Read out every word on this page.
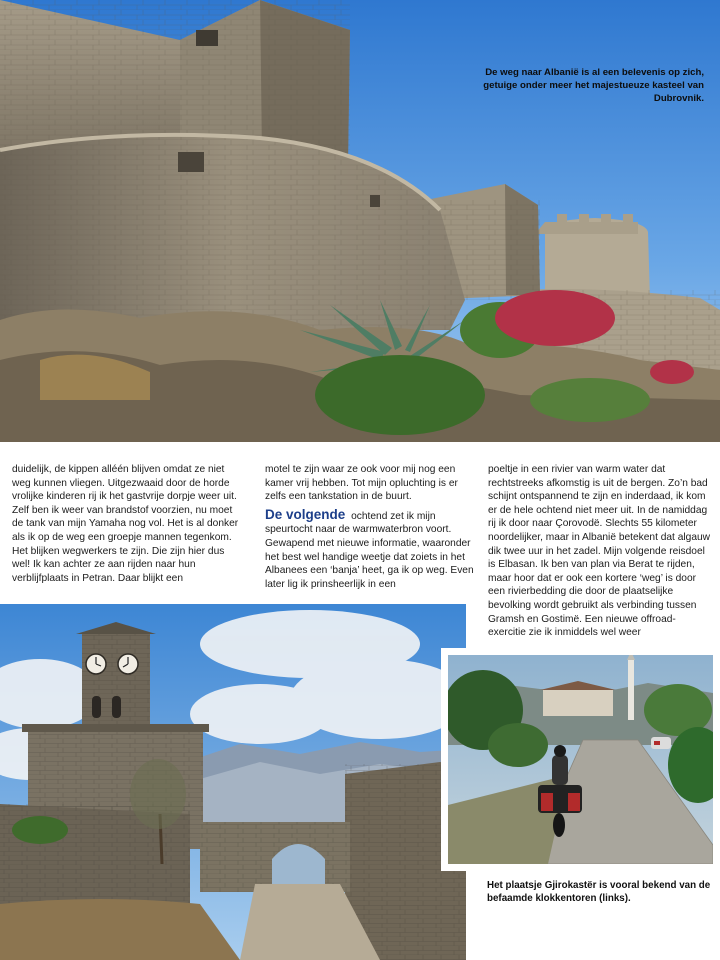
De weg naar Albanië is al een belevenis op zich, getuige onder meer het majestueuze kasteel van Dubrovnik.

duidelijk, de kippen alléén blijven omdat ze niet weg kunnen vliegen. Uitgezwaaid door de horde vrolijke kinderen rij ik het gastvrije dorpje weer uit. Zelf ben ik weer van brandstof voorzien, nu moet de tank van mijn Yamaha nog vol. Het is al donker als ik op de weg een groepje mannen tegenkom. Het blijken wegwerkers te zijn. Die zijn hier dus wel! Ik kan achter ze aan rijden naar hun verblijfplaats in Petran. Daar blijkt een

motel te zijn waar ze ook voor mij nog een kamer vrij hebben. Tot mijn opluchting is er zelfs een tankstation in de buurt.

De volgende ochtend zet ik mijn speurtocht naar de warmwaterbron voort. Gewapend met nieuwe informatie, waaronder het best wel handige weetje dat zoiets in het Albanees een ‘banja’ heet, ga ik op weg. Even later lig ik prinsheerlijk in een

poeltje in een rivier van warm water dat rechtstreeks afkomstig is uit de bergen. Zo’n bad schijnt ontspannend te zijn en inderdaad, ik kom er de hele ochtend niet meer uit. In de namiddag rij ik door naar Çorovodë. Slechts 55 kilometer noordelijker, maar in Albanië betekent dat algauw dik twee uur in het zadel. Mijn volgende reisdoel is Elbasan. Ik ben van plan via Berat te rijden, maar hoor dat er ook een kortere ‘weg’ is door een rivierbedding die door de plaatselijke bevolking wordt gebruikt als verbinding tussen Gramsh en Gostimë. Een nieuwe offroad-exercitie zie ik inmiddels wel weer

Het plaatsje Gjirokastër is vooral bekend van de befaamde klokkentoren (links).
